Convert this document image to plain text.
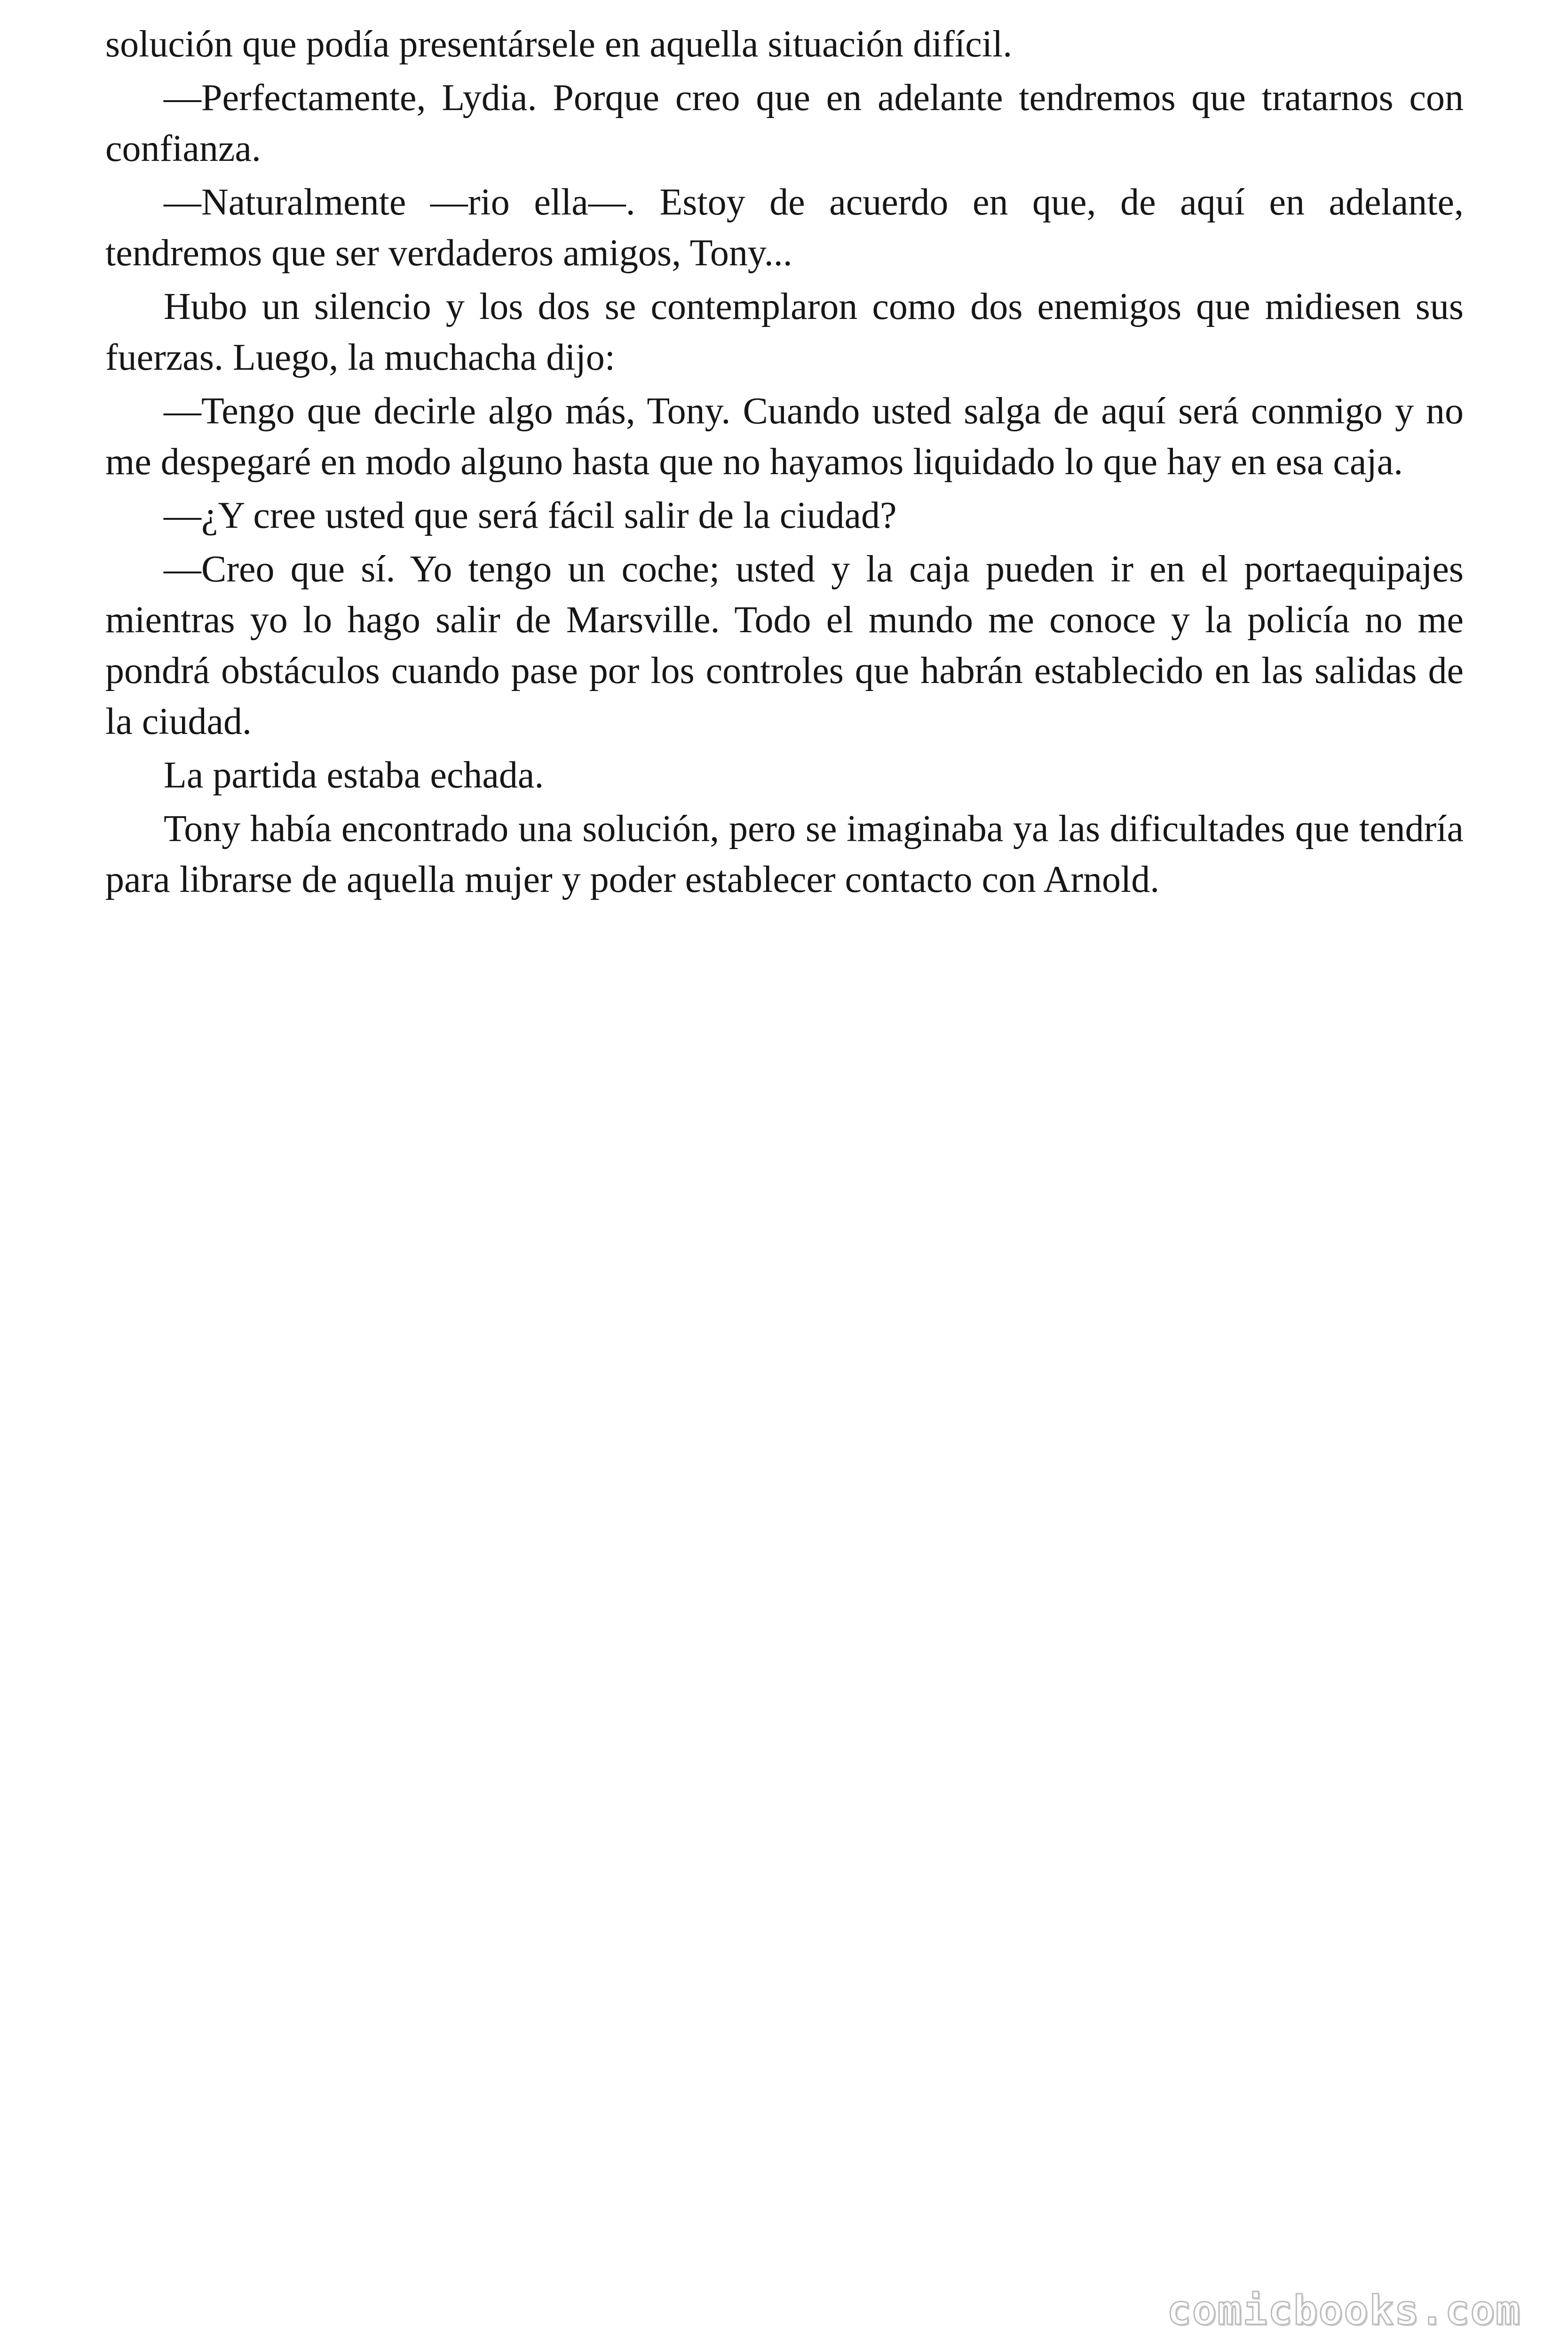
solución que podía presentársele en aquella situación difícil.

—Perfectamente, Lydia. Porque creo que en adelante tendremos que tratarnos con confianza.

—Naturalmente —rio ella—. Estoy de acuerdo en que, de aquí en adelante, tendremos que ser verdaderos amigos, Tony...

Hubo un silencio y los dos se contemplaron como dos enemigos que midiesen sus fuerzas. Luego, la muchacha dijo:

—Tengo que decirle algo más, Tony. Cuando usted salga de aquí será conmigo y no me despegaré en modo alguno hasta que no hayamos liquidado lo que hay en esa caja.

—¿Y cree usted que será fácil salir de la ciudad?

—Creo que sí. Yo tengo un coche; usted y la caja pueden ir en el portaequipajes mientras yo lo hago salir de Marsville. Todo el mundo me conoce y la policía no me pondrá obstáculos cuando pase por los controles que habrán establecido en las salidas de la ciudad.

La partida estaba echada.

Tony había encontrado una solución, pero se imaginaba ya las dificultades que tendría para librarse de aquella mujer y poder establecer contacto con Arnold.

comicbooks.com
